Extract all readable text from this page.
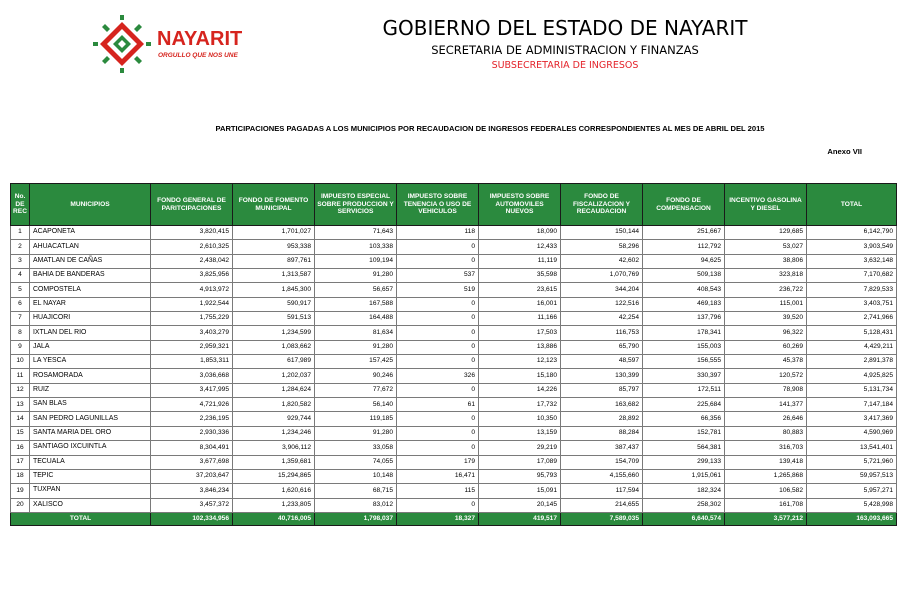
NAYARIT
ORGULLO QUE NOS UNE
GOBIERNO DEL ESTADO DE NAYARIT
SECRETARIA DE ADMINISTRACION Y FINANZAS
SUBSECRETARIA DE INGRESOS
PARTICIPACIONES PAGADAS A LOS MUNICIPIOS POR RECAUDACION DE INGRESOS FEDERALES CORRESPONDIENTES AL MES DE ABRIL DEL 2015
Anexo VII
No. DE REC	MUNICIPIOS	FONDO GENERAL DE PARITCIPACIONES	FONDO DE FOMENTO MUNICIPAL	IMPUESTO ESPECIAL SOBRE PRODUCCION Y SERVICIOS	IMPUESTO SOBRE TENENCIA O USO DE VEHICULOS	IMPUESTO SOBRE AUTOMOVILES NUEVOS	FONDO DE FISCALIZACION Y RECAUDACION	FONDO DE COMPENSACION	INCENTIVO GASOLINA Y DIESEL	TOTAL
1	ACAPONETA	3,820,415	1,701,027	71,643	118	18,090	150,144	251,667	129,685	6,142,790
2	AHUACATLAN	2,610,325	953,338	103,338	0	12,433	58,296	112,792	53,027	3,903,549
3	AMATLAN DE CAÑAS	2,438,042	897,761	109,194	0	11,119	42,602	94,625	38,806	3,632,148
4	BAHIA DE BANDERAS	3,825,956	1,313,587	91,280	537	35,598	1,070,769	509,138	323,818	7,170,682
5	COMPOSTELA	4,913,972	1,845,300	56,657	519	23,615	344,204	408,543	236,722	7,829,533
6	EL NAYAR	1,922,544	590,917	167,588	0	16,001	122,516	469,183	115,001	3,403,751
7	HUAJICORI	1,755,229	591,513	164,488	0	11,166	42,254	137,796	39,520	2,741,966
8	IXTLAN DEL RIO	3,403,279	1,234,599	81,634	0	17,503	116,753	178,341	96,322	5,128,431
9	JALA	2,959,321	1,083,662	91,280	0	13,886	65,790	155,003	60,269	4,429,211
10	LA YESCA	1,853,311	617,989	157,425	0	12,123	48,597	156,555	45,378	2,891,378
11	ROSAMORADA	3,036,668	1,202,037	90,246	326	15,180	130,399	330,397	120,572	4,925,825
12	RUIZ	3,417,995	1,284,624	77,672	0	14,226	85,797	172,511	78,908	5,131,734
13	SAN BLAS	4,721,926	1,820,582	56,140	61	17,732	163,682	225,684	141,377	7,147,184
14	SAN PEDRO LAGUNILLAS	2,236,195	929,744	119,185	0	10,350	28,892	66,356	26,646	3,417,369
15	SANTA MARIA DEL ORO	2,930,336	1,234,246	91,280	0	13,159	88,284	152,781	80,883	4,590,969
16	SANTIAGO IXCUINTLA	8,304,491	3,906,112	33,058	0	29,219	387,437	564,381	316,703	13,541,401
17	TECUALA	3,677,698	1,359,681	74,055	179	17,089	154,709	299,133	139,418	5,721,960
18	TEPIC	37,203,647	15,294,865	10,148	16,471	95,793	4,155,660	1,915,061	1,265,868	59,957,513
19	TUXPAN	3,846,234	1,620,616	68,715	115	15,091	117,594	182,324	106,582	5,957,271
20	XALISCO	3,457,372	1,233,805	83,012	0	20,145	214,655	258,302	161,708	5,428,998
TOTAL		102,334,956	40,716,005	1,798,037	18,327	419,517	7,589,035	6,640,574	3,577,212	163,093,665
